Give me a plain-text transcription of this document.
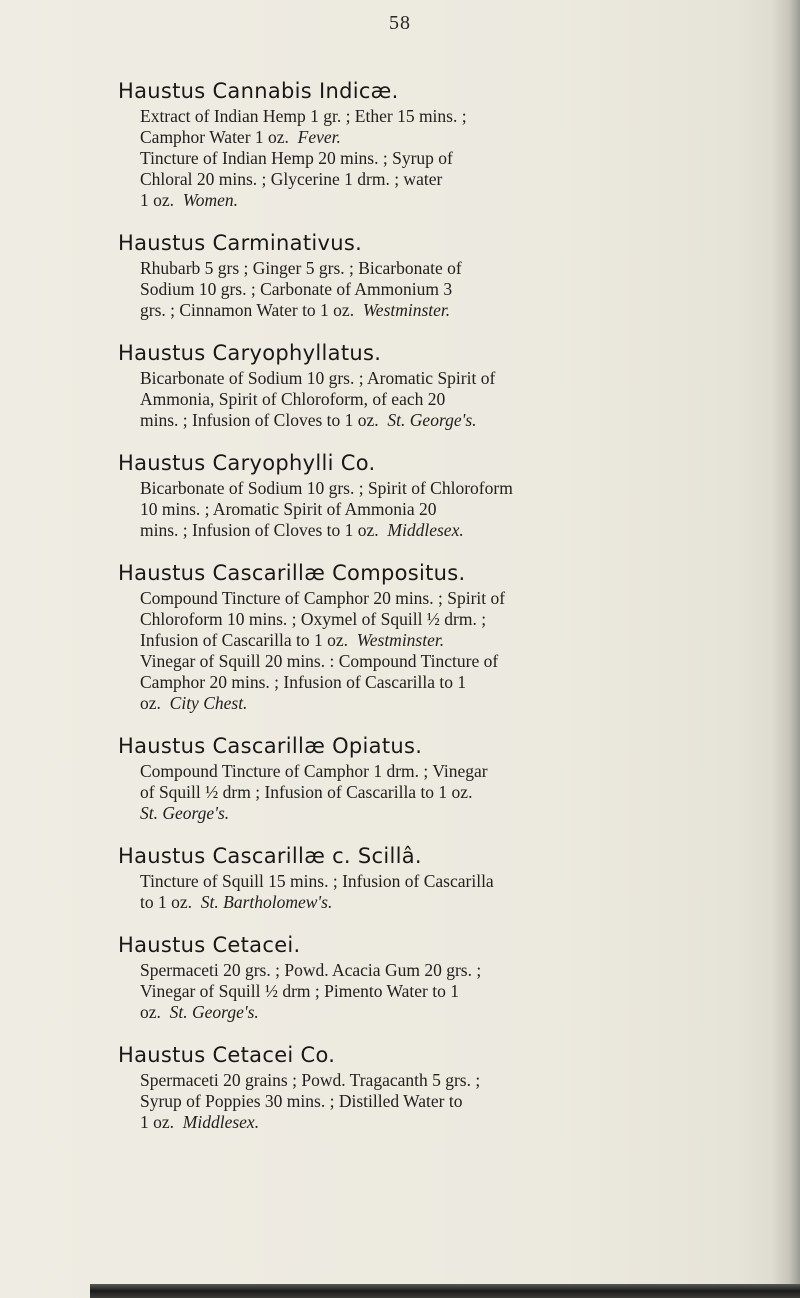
58
Haustus Cannabis Indicæ.
Extract of Indian Hemp 1 gr. ; Ether 15 mins. ;
Camphor Water 1 oz. Fever.
Tincture of Indian Hemp 20 mins. ; Syrup of
Chloral 20 mins. ; Glycerine 1 drm. ; water
1 oz. Women.
Haustus Carminativus.
Rhubarb 5 grs ; Ginger 5 grs. ; Bicarbonate of
Sodium 10 grs. ; Carbonate of Ammonium 3
grs. ; Cinnamon Water to 1 oz. Westminster.
Haustus Caryophyllatus.
Bicarbonate of Sodium 10 grs. ; Aromatic Spirit of
Ammonia, Spirit of Chloroform, of each 20
mins. ; Infusion of Cloves to 1 oz. St. George's.
Haustus Caryophylli Co.
Bicarbonate of Sodium 10 grs. ; Spirit of Chloroform
10 mins. ; Aromatic Spirit of Ammonia 20
mins. ; Infusion of Cloves to 1 oz. Middlesex.
Haustus Cascarillæ Compositus.
Compound Tincture of Camphor 20 mins. ; Spirit of
Chloroform 10 mins. ; Oxymel of Squill ½ drm. ;
Infusion of Cascarilla to 1 oz. Westminster.
Vinegar of Squill 20 mins. : Compound Tincture of
Camphor 20 mins. ; Infusion of Cascarilla to 1
oz. City Chest.
Haustus Cascarillæ Opiatus.
Compound Tincture of Camphor 1 drm. ; Vinegar
of Squill ½ drm ; Infusion of Cascarilla to 1 oz.
St. George's.
Haustus Cascarillæ c. Scillâ.
Tincture of Squill 15 mins. ; Infusion of Cascarilla
to 1 oz. St. Bartholomew's.
Haustus Cetacei.
Spermaceti 20 grs. ; Powd. Acacia Gum 20 grs. ;
Vinegar of Squill ½ drm ; Pimento Water to 1
oz. St. George's.
Haustus Cetacei Co.
Spermaceti 20 grains ; Powd. Tragacanth 5 grs. ;
Syrup of Poppies 30 mins. ; Distilled Water to
1 oz. Middlesex.
